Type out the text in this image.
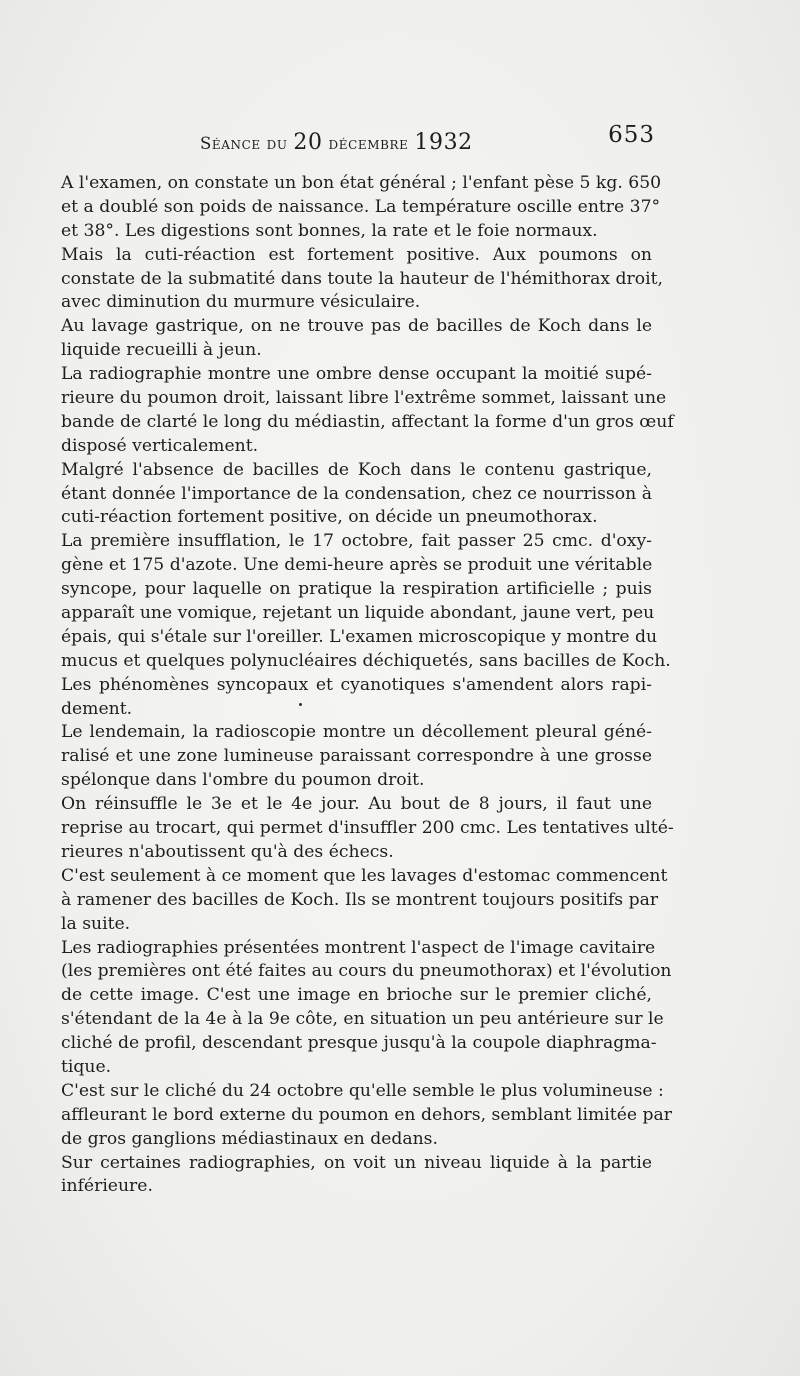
Séance du 20 décembre 1932	653
A l'examen, on constate un bon état général ; l'enfant pèse 5 kg. 650
et a doublé son poids de naissance. La température oscille entre 37°
et 38°. Les digestions sont bonnes, la rate et le foie normaux.
Mais la cuti-réaction est fortement positive. Aux poumons on
constate de la submatité dans toute la hauteur de l'hémithorax droit,
avec diminution du murmure vésiculaire.
Au lavage gastrique, on ne trouve pas de bacilles de Koch dans le
liquide recueilli à jeun.
La radiographie montre une ombre dense occupant la moitié supé-
rieure du poumon droit, laissant libre l'extrême sommet, laissant une
bande de clarté le long du médiastin, affectant la forme d'un gros œuf
disposé verticalement.
Malgré l'absence de bacilles de Koch dans le contenu gastrique,
étant donnée l'importance de la condensation, chez ce nourrisson à
cuti-réaction fortement positive, on décide un pneumothorax.
La première insufflation, le 17 octobre, fait passer 25 cmc. d'oxy-
gène et 175 d'azote. Une demi-heure après se produit une véritable
syncope, pour laquelle on pratique la respiration artificielle ; puis
apparaît une vomique, rejetant un liquide abondant, jaune vert, peu
épais, qui s'étale sur l'oreiller. L'examen microscopique y montre du
mucus et quelques polynucléaires déchiquetés, sans bacilles de Koch.
Les phénomènes syncopaux et cyanotiques s'amendent alors rapi-
dement.
Le lendemain, la radioscopie montre un décollement pleural géné-
ralisé et une zone lumineuse paraissant correspondre à une grosse
spélonque dans l'ombre du poumon droit.
On réinsuffle le 3e et le 4e jour. Au bout de 8 jours, il faut une
reprise au trocart, qui permet d'insuffler 200 cmc. Les tentatives ulté-
rieures n'aboutissent qu'à des échecs.
C'est seulement à ce moment que les lavages d'estomac commencent
à ramener des bacilles de Koch. Ils se montrent toujours positifs par
la suite.
Les radiographies présentées montrent l'aspect de l'image cavitaire
(les premières ont été faites au cours du pneumothorax) et l'évolution
de cette image. C'est une image en brioche sur le premier cliché,
s'étendant de la 4e à la 9e côte, en situation un peu antérieure sur le
cliché de profil, descendant presque jusqu'à la coupole diaphragma-
tique.
C'est sur le cliché du 24 octobre qu'elle semble le plus volumineuse :
affleurant le bord externe du poumon en dehors, semblant limitée par
de gros ganglions médiastinaux en dedans.
Sur certaines radiographies, on voit un niveau liquide à la partie
inférieure.
